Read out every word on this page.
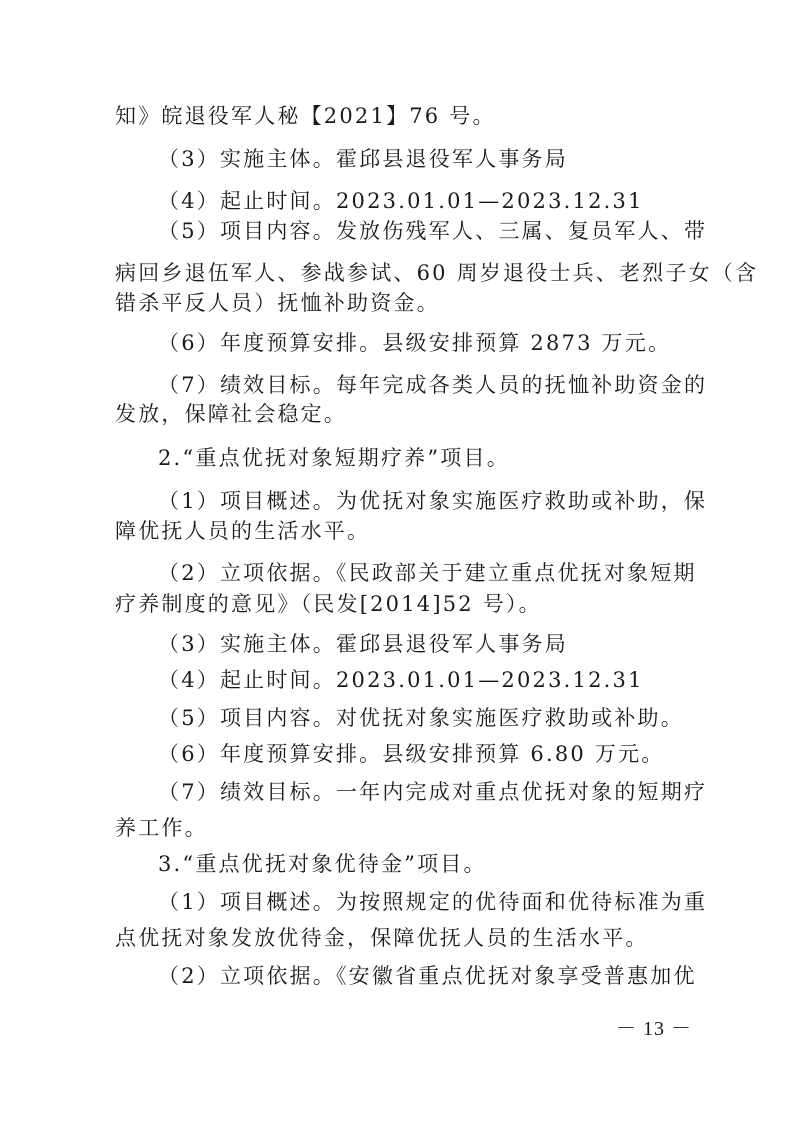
知》皖退役军人秘【2021】76 号。
（3）实施主体。霍邱县退役军人事务局
（4）起止时间。2023.01.01—2023.12.31
（5）项目内容。发放伤残军人、三属、复员军人、带
病回乡退伍军人、参战参试、60 周岁退役士兵、老烈子女（含
错杀平反人员）抚恤补助资金。
（6）年度预算安排。县级安排预算 2873 万元。
（7）绩效目标。每年完成各类人员的抚恤补助资金的
发放，保障社会稳定。
2.“重点优抚对象短期疗养”项目。
（1）项目概述。为优抚对象实施医疗救助或补助，保
障优抚人员的生活水平。
（2）立项依据。《民政部关于建立重点优抚对象短期
疗养制度的意见》（民发[2014]52 号）。
（3）实施主体。霍邱县退役军人事务局
（4）起止时间。2023.01.01—2023.12.31
（5）项目内容。对优抚对象实施医疗救助或补助。
（6）年度预算安排。县级安排预算 6.80 万元。
（7）绩效目标。一年内完成对重点优抚对象的短期疗
养工作。
3.“重点优抚对象优待金”项目。
（1）项目概述。为按照规定的优待面和优待标准为重
点优抚对象发放优待金，保障优抚人员的生活水平。
（2）立项依据。《安徽省重点优抚对象享受普惠加优
－ 13 －
